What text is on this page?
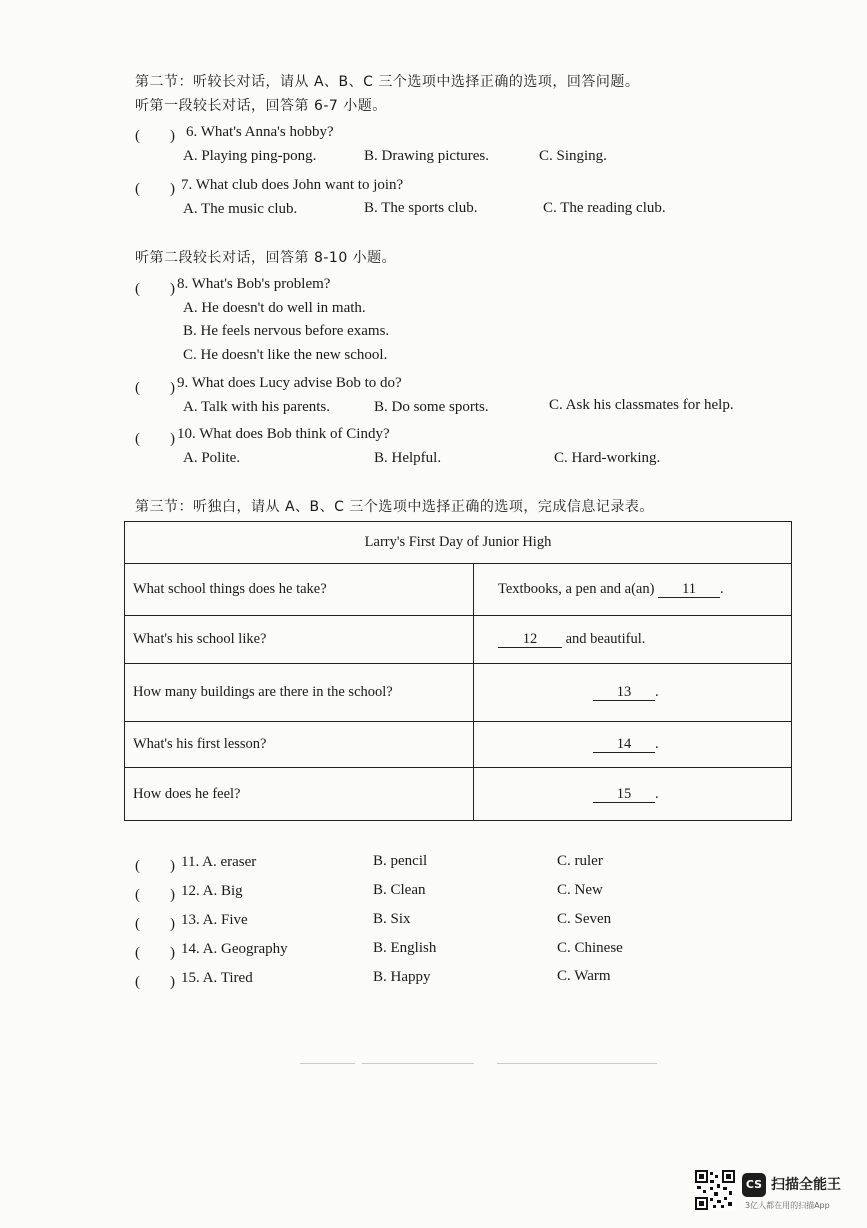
第二节：听较长对话，请从 A、B、C 三个选项中选择正确的选项，回答问题。
听第一段较长对话，回答第 6-7 小题。
(　　) 6. What's Anna's hobby?
A. Playing ping-pong.	B. Drawing pictures.	C. Singing.
(　　) 7. What club does John want to join?
A. The music club.	B. The sports club.	C. The reading club.
听第二段较长对话，回答第 8-10 小题。
(　　) 8. What's Bob's problem?
A. He doesn't do well in math.
B. He feels nervous before exams.
C. He doesn't like the new school.
(　　) 9. What does Lucy advise Bob to do?
A. Talk with his parents.	B. Do some sports.	C. Ask his classmates for help.
(　　) 10. What does Bob think of Cindy?
A. Polite.	B. Helpful.	C. Hard-working.
第三节：听独白，请从 A、B、C 三个选项中选择正确的选项，完成信息记录表。
Larry's First Day of Junior High	
What school things does he take?	Textbooks, a pen and a(an) 11 .
What's his school like?	12 and beautiful.
How many buildings are there in the school?	13 .
What's his first lesson?	14 .
How does he feel?	15 .
(　　) 11. A. eraser	B. pencil	C. ruler
(　　) 12. A. Big	B. Clean	C. New
(　　) 13. A. Five	B. Six	C. Seven
(　　) 14. A. Geography	B. English	C. Chinese
(　　) 15. A. Tired	B. Happy	C. Warm
CS 扫描全能王
3亿人都在用的扫描App
